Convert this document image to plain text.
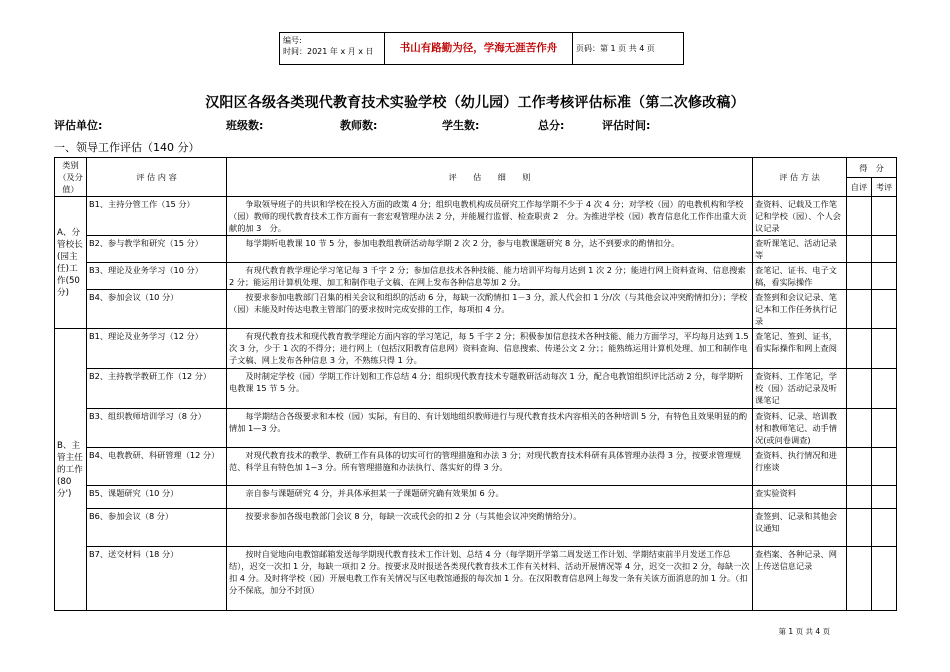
编号:
时间：2021 年 x 月 x 日	书山有路勤为径，学海无涯苦作舟	页码：第 1 页 共 4 页
汉阳区各级各类现代教育技术实验学校（幼儿园）工作考核评估标准（第二次修改稿）
评估单位:	班级数:	教师数:	学生数:	总分:	评估时间:
一、领导工作评估（140 分）
类别（及分值）	评 估 内 容	评　　估　　细　　则	评 估 方 法	得　分	
				自评	考评
A、分管校长(园主任)工作(50 分)	B1、主持分管工作（15 分）	争取领导班子的共识和学校在投入方面的政策 4 分；组织电教机构成员研究工作每学期不少于 4 次 4 分；对学校（园）的电教机构和学校（园）教师的现代教育技术工作方面有一套宏观管理办法 2 分，并能履行监督、检查职责 2　分。为推进学校（园）教育信息化工作作出重大贡献的加 3　分。	查资料、记载及工作笔记和学校（园）、个人会议记录		
	B2、参与教学和研究（15 分）	每学期听电教课 10 节 5 分，参加电教组教研活动每学期 2 次 2 分，参与电教课题研究 8 分，达不到要求的酌情扣分。	查听课笔记、活动记录等		
	B3、理论及业务学习（10 分）	有现代教育教学理论学习笔记每 3 千字 2 分；参加信息技术各种技能、能力培训平均每月达到 1 次 2 分；能进行网上资料查询、信息搜索 2 分；能运用计算机处理、加工和制作电子文稿、在网上发布各种信息等加 2 分。	查笔记、证书、电子文稿，看实际操作		
	B4、参加会议（10 分）	按要求参加电教部门召集的相关会议和组织的活动 6 分，每缺一次酌情扣 1－3 分，派人代会扣 1 分/次（与其他会议冲突酌情扣分）；学校（园）未能及时传达电教主管部门的要求按时完成安排的工作，每项扣 4 分。	查签到和会议记录、笔记本和工作任务执行记录		
B、主管主任的工作(80 分')	B1、理论及业务学习（12 分）	有现代教育技术和现代教育教学理论方面内容的学习笔记，每 5 千字 2 分；积极参加信息技术各种技能、能力方面学习，平均每月达到 1.5 次 3 分，少于 1 次的不得分；进行网上（包括汉阳教育信息网）资料查询、信息搜索、传递公文 2 分；；能熟练运用计算机处理、加工和制作电子文稿、网上发布各种信息 3 分，不熟练只得 1 分。	查笔记、签到、证书，看实际操作和网上查阅		
	B2、主持教学教研工作（12 分）	及时制定学校（园）学期工作计划和工作总结 4 分；组织现代教育技术专题教研活动每次 1 分，配合电教馆组织评比活动 2 分，每学期听电教课 15 节 5 分。	查资料、工作笔记，学校（园）活动记录及听课笔记		
	B3、组织教师培训学习（8 分）	每学期结合各级要求和本校（园）实际，有目的、有计划地组织教师进行与现代教育技术内容相关的各种培训 5 分，有特色且效果明显的酌情加 1—3 分。	查资料、记录、培训教材和教师笔记、动手情况(或问卷调查)		
	B4、电教教研、科研管理（12 分）	对现代教育技术的教学、教研工作有具体的切实可行的管理措施和办法 3 分；对现代教育技术科研有具体管理办法得 3 分，按要求管理规范、科学且有特色加 1~3 分。所有管理措施和办法执行、落实好的得 3 分。	查资料、执行情况和进行座谈		
	B5、课题研究（10 分）	亲自参与课题研究 4 分，并具体承担某一子课题研究确有效果加 6 分。	查实验资料		
	B6、参加会议（8 分）	按要求参加各级电教部门会议 8 分，每缺一次或代会的扣 2 分（与其他会议冲突酌情给分）。	查签到、记录和其他会议通知		
	B7、送交材料（18 分）	按时自觉地向电教馆邮箱发送每学期现代教育技术工作计划、总结 4 分（每学期开学第二周发送工作计划、学期结束前半月发送工作总结），迟交一次扣 1 分，每缺一项扣 2 分。按要求及时报送各类现代教育技术工作有关材料、活动开展情况等 4 分，迟交一次扣 2 分，每缺一次扣 4 分。及时将学校（园）开展电教工作有关情况与区电教馆通报的每次加 1 分。在汉阳教育信息网上每发一条有关该方面消息的加 1 分。（扣分不保底，加分不封顶）	查档案、各种记录、网上传送信息记录		
第 1 页 共 4 页
